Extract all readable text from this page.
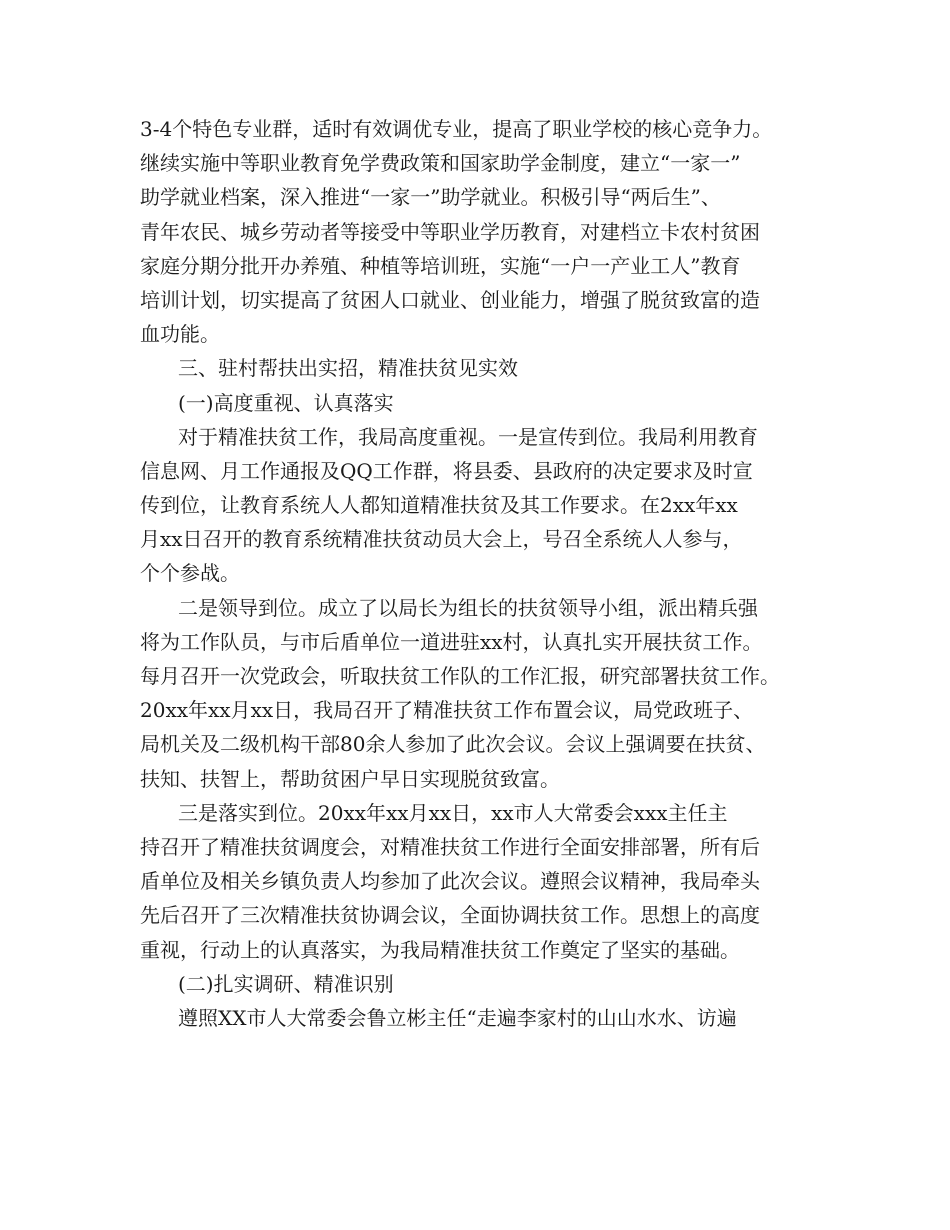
3-4个特色专业群，适时有效调优专业，提高了职业学校的核心竞争力。
继续实施中等职业教育免学费政策和国家助学金制度，建立“一家一”
助学就业档案，深入推进“一家一”助学就业。积极引导“两后生”、
青年农民、城乡劳动者等接受中等职业学历教育，对建档立卡农村贫困
家庭分期分批开办养殖、种植等培训班，实施“一户一产业工人”教育
培训计划，切实提高了贫困人口就业、创业能力，增强了脱贫致富的造
血功能。
三、驻村帮扶出实招，精准扶贫见实效
(一)高度重视、认真落实
对于精准扶贫工作，我局高度重视。一是宣传到位。我局利用教育
信息网、月工作通报及QQ工作群，将县委、县政府的决定要求及时宣
传到位，让教育系统人人都知道精准扶贫及其工作要求。在2xx年xx
月xx日召开的教育系统精准扶贫动员大会上，号召全系统人人参与，
个个参战。
二是领导到位。成立了以局长为组长的扶贫领导小组，派出精兵强
将为工作队员，与市后盾单位一道进驻xx村，认真扎实开展扶贫工作。
每月召开一次党政会，听取扶贫工作队的工作汇报，研究部署扶贫工作。
20xx年xx月xx日，我局召开了精准扶贫工作布置会议，局党政班子、
局机关及二级机构干部80余人参加了此次会议。会议上强调要在扶贫、
扶知、扶智上，帮助贫困户早日实现脱贫致富。
三是落实到位。20xx年xx月xx日，xx市人大常委会xxx主任主
持召开了精准扶贫调度会，对精准扶贫工作进行全面安排部署，所有后
盾单位及相关乡镇负责人均参加了此次会议。遵照会议精神，我局牵头
先后召开了三次精准扶贫协调会议，全面协调扶贫工作。思想上的高度
重视，行动上的认真落实，为我局精准扶贫工作奠定了坚实的基础。
(二)扎实调研、精准识别
遵照XX市人大常委会鲁立彬主任“走遍李家村的山山水水、访遍
